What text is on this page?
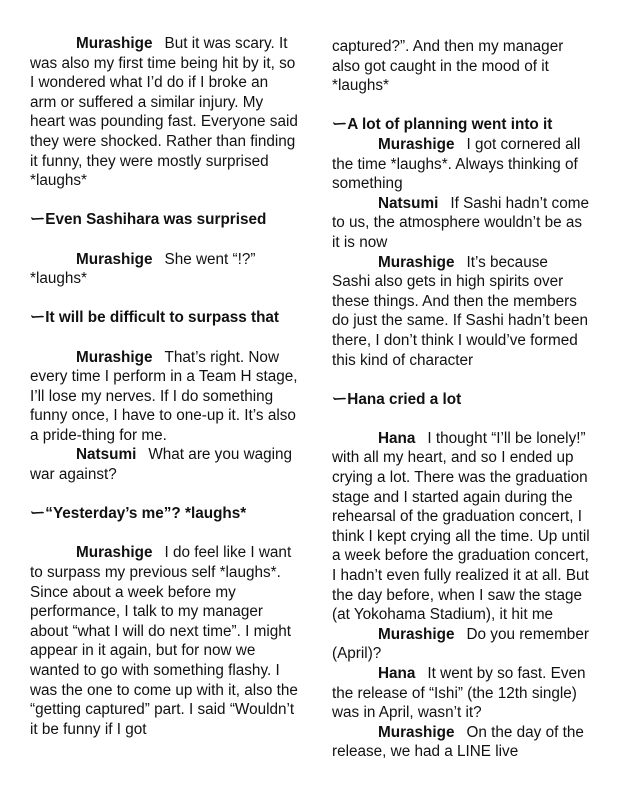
Murashige But it was scary. It was also my first time being hit by it, so I wondered what I’d do if I broke an arm or suffered a similar injury. My heart was pounding fast. Everyone said they were shocked. Rather than finding it funny, they were mostly surprised *laughs*

ーEven Sashihara was surprised

Murashige She went “!?” *laughs*

ーIt will be difficult to surpass that

Murashige That’s right. Now every time I perform in a Team H stage, I’ll lose my nerves. If I do something funny once, I have to one-up it. It’s also a pride-thing for me.

Natsumi What are you waging war against?

ー“Yesterday’s me”? *laughs*

Murashige I do feel like I want to surpass my previous self *laughs*. Since about a week before my performance, I talk to my manager about “what I will do next time”. I might appear in it again, but for now we wanted to go with something flashy. I was the one to come up with it, also the “getting captured” part. I said “Wouldn’t it be funny if I got

captured?”. And then my manager also got caught in the mood of it *laughs*

ーA lot of planning went into it

Murashige I got cornered all the time *laughs*. Always thinking of something

Natsumi If Sashi hadn’t come to us, the atmosphere wouldn’t be as it is now

Murashige It’s because Sashi also gets in high spirits over these things. And then the members do just the same. If Sashi hadn’t been there, I don’t think I would’ve formed this kind of character

ーHana cried a lot

Hana I thought “I’ll be lonely!” with all my heart, and so I ended up crying a lot. There was the graduation stage and I started again during the rehearsal of the graduation concert, I think I kept crying all the time. Up until a week before the graduation concert, I hadn’t even fully realized it at all. But the day before, when I saw the stage (at Yokohama Stadium), it hit me

Murashige Do you remember (April)?

Hana It went by so fast. Even the release of “Ishi” (the 12th single) was in April, wasn’t it?

Murashige On the day of the release, we had a LINE live
